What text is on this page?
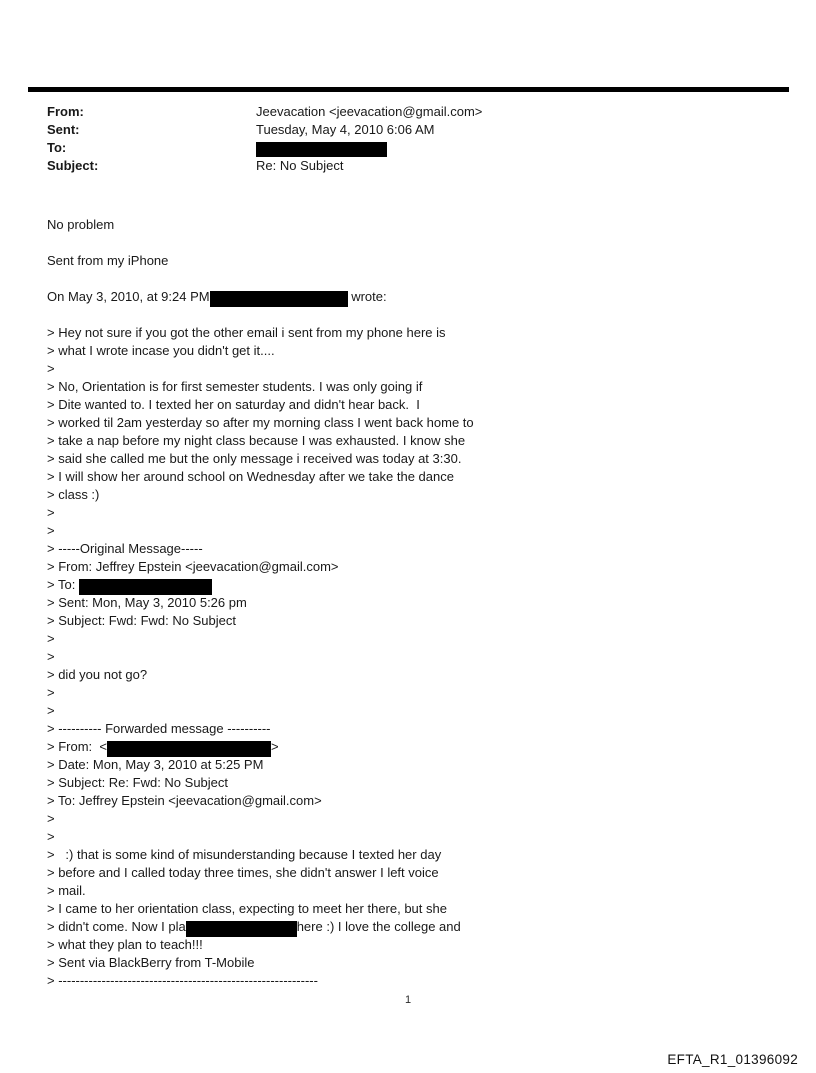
From:	Jeevacation <jeevacation@gmail.com>
Sent:	Tuesday, May 4, 2010 6:06 AM
To:
Subject:	Re: No Subject
No problem
Sent from my iPhone
On May 3, 2010, at 9:24 PM	wrote:
> Hey not sure if you got the other email i sent from my phone here is
> what I wrote incase you didn't get it....
>
> No, Orientation is for first semester students. I was only going if
> Dite wanted to. I texted her on saturday and didn't hear back.  I
> worked til 2am yesterday so after my morning class I went back home to
> take a nap before my night class because I was exhausted. I know she
> said she called me but the only message i received was today at 3:30.
> I will show her around school on Wednesday after we take the dance
> class :)
>
>
> -----Original Message-----
> From: Jeffrey Epstein <jeevacation@gmail.com>
> To:
> Sent: Mon, May 3, 2010 5:26 pm
> Subject: Fwd: Fwd: No Subject
>
>
> did you not go?
>
>
> ---------- Forwarded message ----------
> From:  <	>
> Date: Mon, May 3, 2010 at 5:25 PM
> Subject: Re: Fwd: No Subject
> To: Jeffrey Epstein <jeevacation@gmail.com>
>
>
>   :) that is some kind of misunderstanding because I texted her day
> before and I called today three times, she didn't answer I left voice
> mail.
> I came to her orientation class, expecting to meet her there, but she
> didn't come. Now I pla	here :) I love the college and
> what they plan to teach!!!
> Sent via BlackBerry from T-Mobile
> ------------------------------------------------------------
1
EFTA_R1_01396092
